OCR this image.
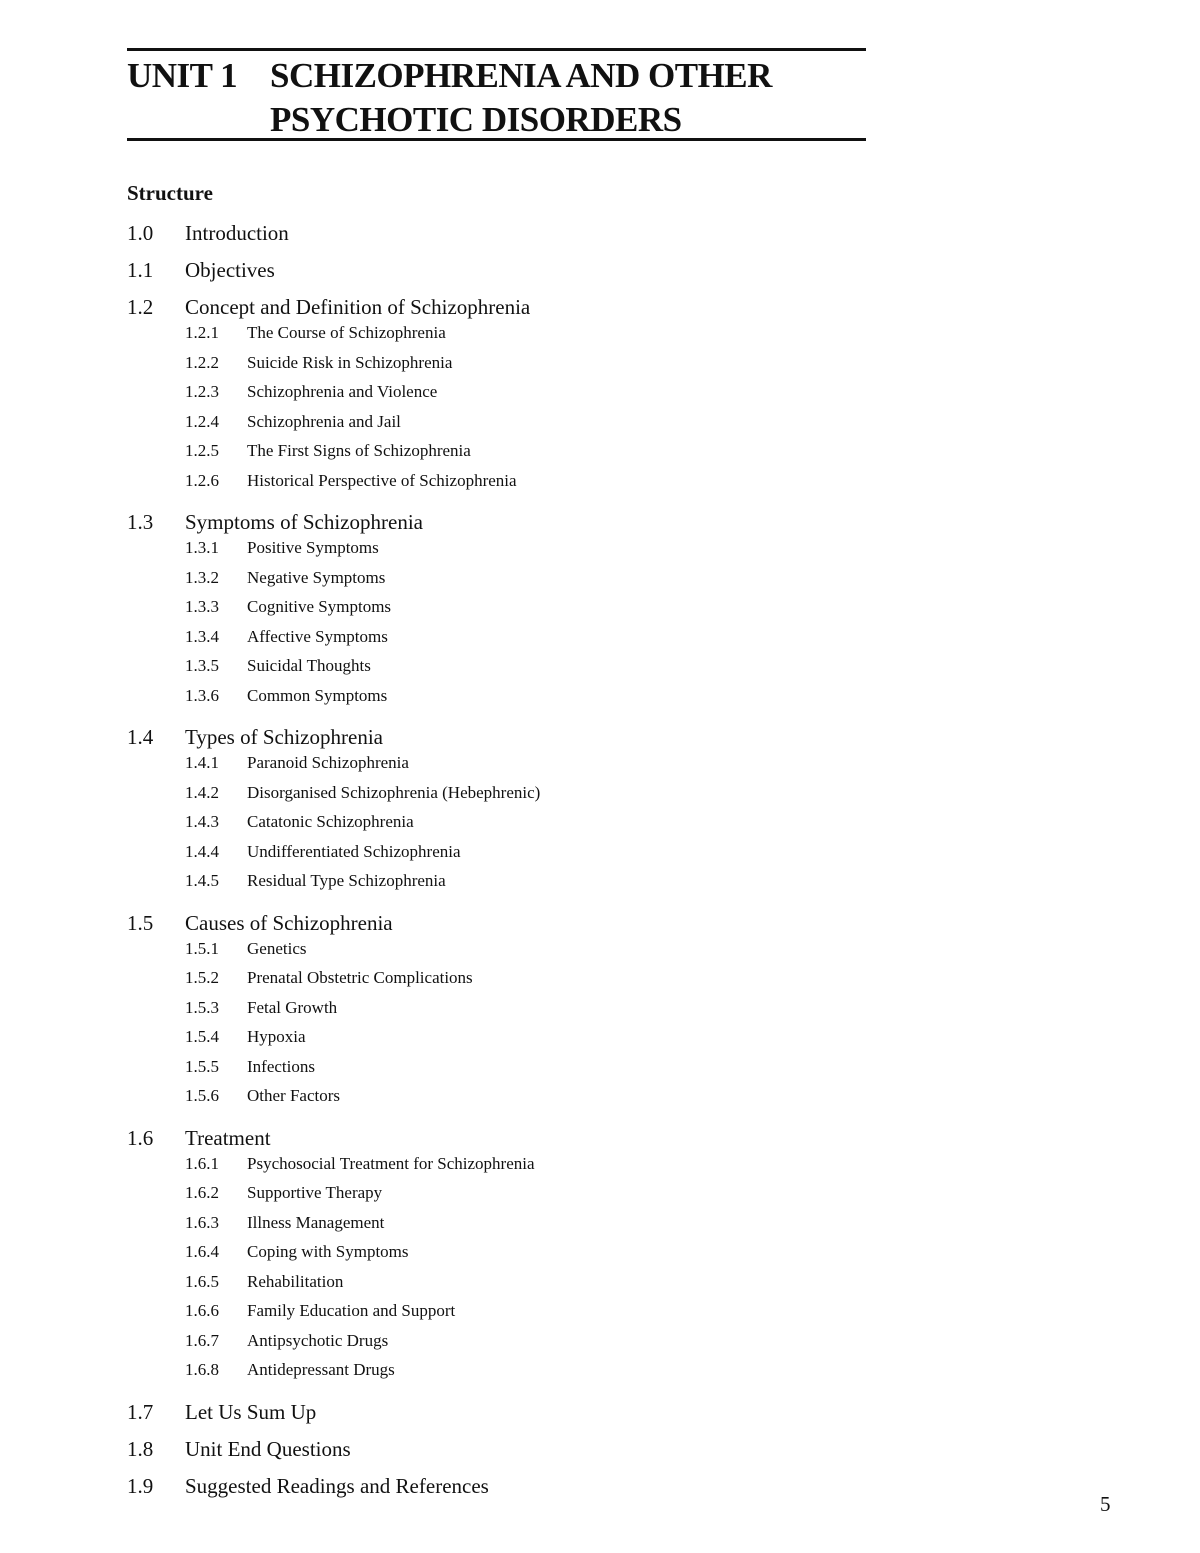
UNIT 1 SCHIZOPHRENIA AND OTHER
PSYCHOTIC DISORDERS
Structure
1.0	Introduction
1.1	Objectives
1.2	Concept and Definition of Schizophrenia
1.2.1	The Course of Schizophrenia
1.2.2	Suicide Risk in Schizophrenia
1.2.3	Schizophrenia and Violence
1.2.4	Schizophrenia and Jail
1.2.5	The First Signs of Schizophrenia
1.2.6	Historical Perspective of Schizophrenia
1.3	Symptoms of Schizophrenia
1.3.1	Positive Symptoms
1.3.2	Negative Symptoms
1.3.3	Cognitive Symptoms
1.3.4	Affective Symptoms
1.3.5	Suicidal Thoughts
1.3.6	Common Symptoms
1.4	Types of Schizophrenia
1.4.1	Paranoid Schizophrenia
1.4.2	Disorganised Schizophrenia (Hebephrenic)
1.4.3	Catatonic Schizophrenia
1.4.4	Undifferentiated Schizophrenia
1.4.5	Residual Type Schizophrenia
1.5	Causes of Schizophrenia
1.5.1	Genetics
1.5.2	Prenatal Obstetric Complications
1.5.3	Fetal Growth
1.5.4	Hypoxia
1.5.5	Infections
1.5.6	Other Factors
1.6	Treatment
1.6.1	Psychosocial Treatment for Schizophrenia
1.6.2	Supportive Therapy
1.6.3	Illness Management
1.6.4	Coping with Symptoms
1.6.5	Rehabilitation
1.6.6	Family Education and Support
1.6.7	Antipsychotic Drugs
1.6.8	Antidepressant Drugs
1.7	Let Us Sum Up
1.8	Unit End Questions
1.9	Suggested Readings and References
5
